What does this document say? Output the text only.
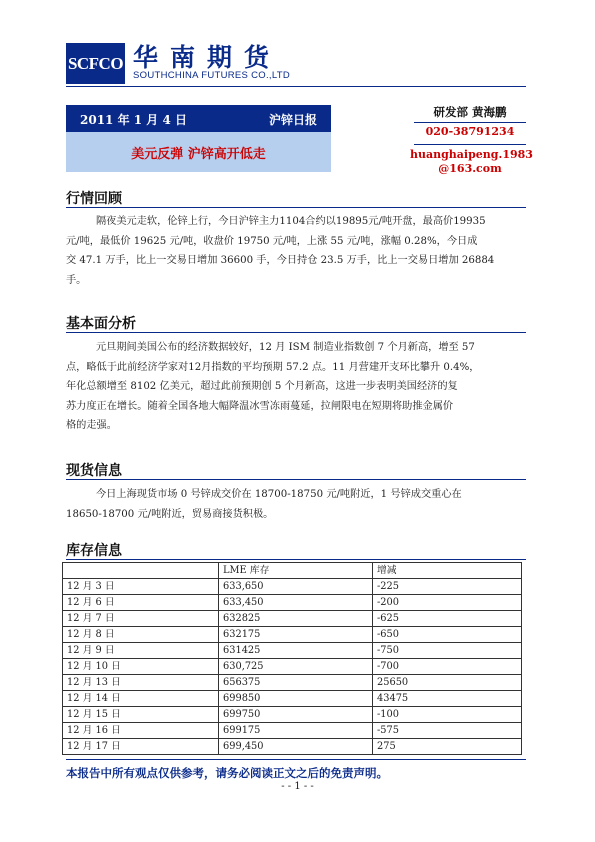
SCFCO 华南期货
SOUTHCHINA FUTURES CO.,LTD
2011 年 1 月 4 日	沪锌日报
美元反弹 沪锌高开低走
研发部 黄海鹏
020-38791234
huanghaipeng.1983
@163.com
行情回顾
隔夜美元走软，伦锌上行，今日沪锌主力1104合约以19895元/吨开盘，最高价19935
元/吨，最低价 19625 元/吨，收盘价 19750 元/吨，上涨 55 元/吨，涨幅 0.28%，今日成
交 47.1 万手，比上一交易日增加 36600 手，今日持仓 23.5 万手，比上一交易日增加 26884
手。
基本面分析
元旦期间美国公布的经济数据较好，12 月 ISM 制造业指数创 7 个月新高，增至 57
点，略低于此前经济学家对12月指数的平均预期 57.2 点。11 月营建开支环比攀升 0.4%，
年化总额增至 8102 亿美元，超过此前预期创 5 个月新高，这进一步表明美国经济的复
苏力度正在增长。随着全国各地大幅降温冰雪冻雨蔓延，拉闸限电在短期将助推金属价
格的走强。
现货信息
今日上海现货市场 0 号锌成交价在 18700-18750 元/吨附近，1 号锌成交重心在
18650-18700 元/吨附近，贸易商接货积极。
库存信息
	LME 库存	增减
12 月 3 日	633,650	-225
12 月 6 日	633,450	-200
12 月 7 日	632825	-625
12 月 8 日	632175	-650
12 月 9 日	631425	-750
12 月 10 日	630,725	-700
12 月 13 日	656375	25650
12 月 14 日	699850	43475
12 月 15 日	699750	-100
12 月 16 日	699175	-575
12 月 17 日	699,450	275
本报告中所有观点仅供参考，请务必阅读正文之后的免责声明。
- - 1 - -
